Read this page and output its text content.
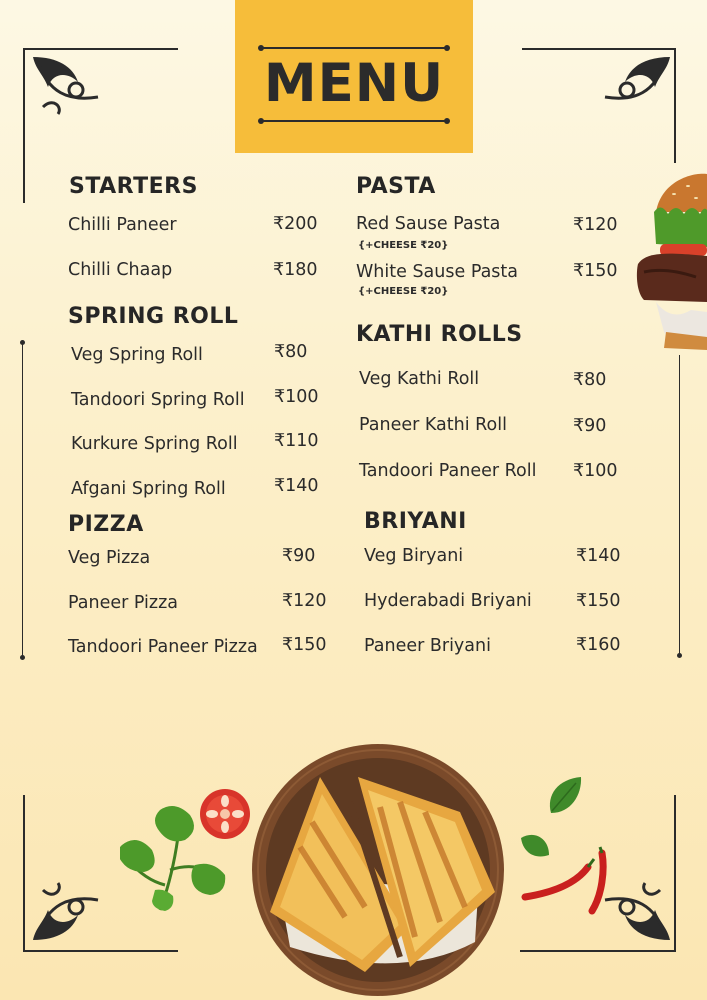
MENU
STARTERS
Chilli Paneer	₹200
Chilli Chaap	₹180
SPRING ROLL
Veg Spring Roll	₹80
Tandoori Spring Roll ₹100
Kurkure Spring Roll ₹110
Afgani Spring Roll	₹140
PIZZA
Veg Pizza	₹90
Paneer Pizza	₹120
Tandoori Paneer Pizza ₹150
PASTA
Red Sause Pasta	₹120
{+CHEESE ₹20}
White Sause Pasta	₹150
{+CHEESE ₹20}
KATHI ROLLS
Veg Kathi Roll	₹80
Paneer Kathi Roll	₹90
Tandoori Paneer Roll ₹100
BRIYANI
Veg Biryani	₹140
Hyderabadi Briyani	₹150
Paneer Briyani	₹160
